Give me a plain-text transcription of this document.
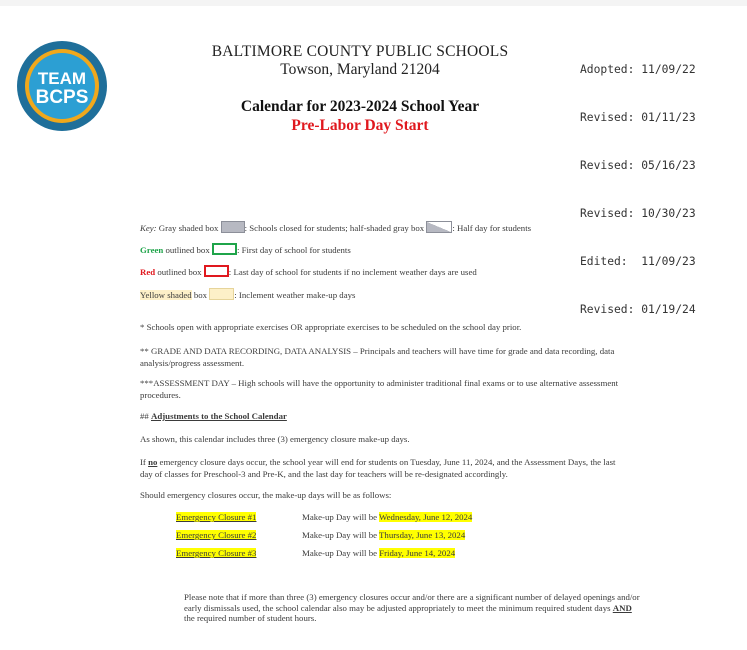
TEAM
BCPS
BALTIMORE COUNTY PUBLIC SCHOOLS
Towson, Maryland 21204
Calendar for 2023-2024 School Year
Pre-Labor Day Start

Adopted: 11/09/22

Revised: 01/11/23

Revised: 05/16/23

Revised: 10/30/23

Edited:  11/09/23

Revised: 01/19/24

Key: Gray shaded box	: Schools closed for students; half-shaded gray box	: Half day for students
Green outlined box	: First day of school for students
Red outlined box	: Last day of school for students if no inclement weather days are used
Yellow shaded box	: Inclement weather make-up days
* Schools open with appropriate exercises OR appropriate exercises to be scheduled on the school day prior.
** GRADE AND DATA RECORDING, DATA ANALYSIS – Principals and teachers will have time for grade and data recording, data analysis/progress assessment.
***ASSESSMENT DAY – High schools will have the opportunity to administer traditional final exams or to use alternative assessment procedures.
## Adjustments to the School Calendar
As shown, this calendar includes three (3) emergency closure make-up days.
If no emergency closure days occur, the school year will end for students on Tuesday, June 11, 2024, and the Assessment Days, the last day of classes for Preschool-3 and Pre-K, and the last day for teachers will be re-designated accordingly.
Should emergency closures occur, the make-up days will be as follows:
Emergency Closure #1	Make-up Day will be Wednesday, June 12, 2024
Emergency Closure #2	Make-up Day will be Thursday, June 13, 2024
Emergency Closure #3	Make-up Day will be Friday, June 14, 2024
Please note that if more than three (3) emergency closures occur and/or there are a significant number of delayed openings and/or early dismissals used, the school calendar also may be adjusted appropriately to meet the minimum required student days AND the required number of student hours.
